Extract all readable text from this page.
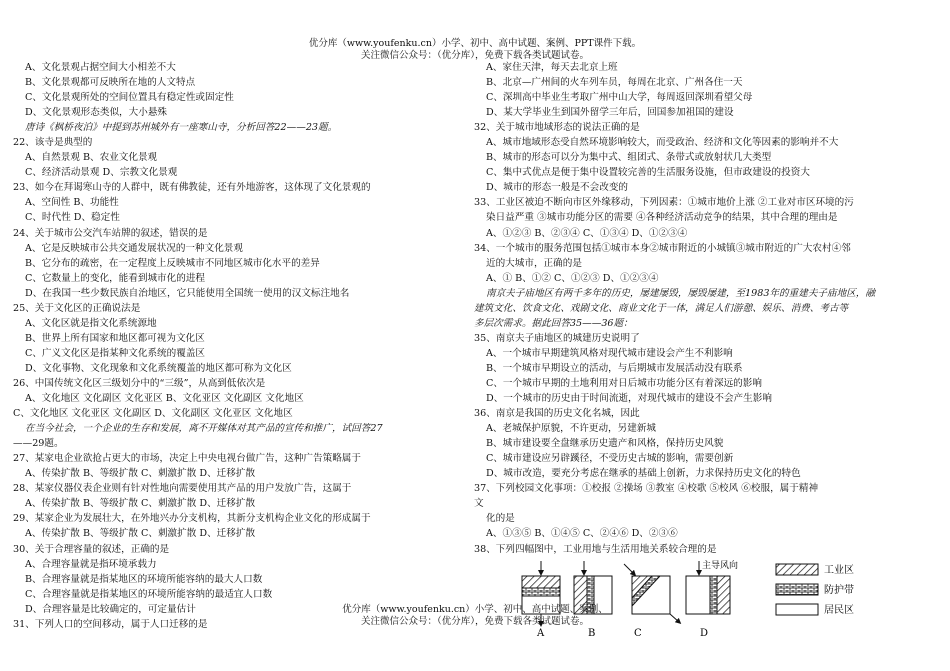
优分库（www.youfenku.cn）小学、初中、高中试题、案例、PPT课件下载。
关注微信公众号：（优分库），免费下载各类试题试卷。
A、文化景观占据空间大小相差不大
B、文化景观都可反映所在地的人文特点
C、文化景观所处的空间位置具有稳定性或固定性
D、文化景观形态类似，大小悬殊
唐诗《枫桥夜泊》中提到苏州城外有一座寒山寺，分析回答22——23题。
22、该寺是典型的
A、自然景观 B、农业文化景观
C、经济活动景观 D、宗教文化景观
23、如今在拜谒寒山寺的人群中，既有佛教徒，还有外地游客，这体现了文化景观的
A、空间性 B、功能性
C、时代性 D、稳定性
24、关于城市公交汽车站牌的叙述，错误的是
A、它是反映城市公共交通发展状况的一种文化景观
B、它分布的疏密，在一定程度上反映城市不同地区城市化水平的差异
C、它数量上的变化，能看到城市化的进程
D、在我国一些少数民族自治地区，它只能使用全国统一使用的汉文标注地名
25、关于文化区的正确说法是
A、文化区就是指文化系统源地
B、世界上所有国家和地区都可视为文化区
C、广义文化区是指某种文化系统的覆盖区
D、文化事物、文化现象和文化系统覆盖的地区都可称为文化区
26、中国传统文化区三级划分中的“三级”，从高到低依次是
A、文化地区 文化副区 文化亚区 B、文化亚区 文化副区 文化地区
C、文化地区 文化亚区 文化副区 D、文化副区 文化亚区 文化地区
在当今社会，一个企业的生存和发展，离不开媒体对其产品的宣传和推广，试回答27
——29题。
27、某家电企业欲抢占更大的市场，决定上中央电视台做广告，这种广告策略属于
A、传染扩散 B、等级扩散 C、刺激扩散 D、迁移扩散
28、某家仪器仪表企业则有针对性地向需要使用其产品的用户发放广告，这属于
A、传染扩散 B、等级扩散 C、刺激扩散 D、迁移扩散
29、某家企业为发展壮大，在外地兴办分支机构，其新分支机构企业文化的形成属于
A、传染扩散 B、等级扩散 C、刺激扩散 D、迁移扩散
30、关于合理容量的叙述，正确的是
A、合理容量就是指环境承载力
B、合理容量就是指某地区的环境所能容纳的最大人口数
C、合理容量就是指某地区的环境所能容纳的最适宜人口数
D、合理容量是比较确定的，可定量估计
31、下列人口的空间移动，属于人口迁移的是
A、家住天津，每天去北京上班
B、北京—广州间的火车列车员，每周在北京、广州各住一天
C、深圳高中毕业生考取广州中山大学，每周返回深圳看望父母
D、某大学毕业生到国外留学三年后，回国参加祖国的建设
32、关于城市地域形态的说法正确的是
A、城市地域形态受自然环境影响较大，而受政治、经济和文化等因素的影响并不大
B、城市的形态可以分为集中式、组团式、条带式或放射状几大类型
C、集中式优点是便于集中设置较完善的生活服务设施，但市政建设的投资大
D、城市的形态一般是不会改变的
33、工业区被迫不断向市区外缘移动，下列因素：①城市地价上涨 ②工业对市区环境的污
染日益严重 ③城市功能分区的需要 ④各种经济活动竞争的结果，其中合理的理由是
A、①②③ B、②③④ C、①③④ D、①②③④
34、一个城市的服务范围包括①城市本身②城市附近的小城镇③城市附近的广大农村④邻
近的大城市，正确的是
A、① B、①② C、①②③ D、①②③④
南京夫子庙地区有两千多年的历史，屡建屡毁，屡毁屡建，至1983年的重建夫子庙地区，融
建筑文化、饮食文化、戏剧文化、商业文化于一体，满足人们游憩、娱乐、消费、考古等
多层次需求。据此回答35——36题：
35、南京夫子庙地区的城建历史说明了
A、一个城市早期建筑风格对现代城市建设会产生不利影响
B、一个城市早期设立的活动，与后期城市发展活动没有联系
C、一个城市早期的土地利用对日后城市功能分区有着深远的影响
D、一个城市的历史由于时间流逝，对现代城市的建设不会产生影响
36、南京是我国的历史文化名城，因此
A、老城保护原貌，不许更动，另建新城
B、城市建设要全盘继承历史遗产和风格，保持历史风貌
C、城市建设应另辟蹊径，不受历史古城的影响，需要创新
D、城市改造，要充分考虑在继承的基础上创新，力求保持历史文化的特色
37、下列校园文化事项：①校报 ②操场 ③教室 ④校歌 ⑤校风 ⑥校服，属于精神
文
化的是
A、①③⑤ B、①④⑤ C、②④⑥ D、②③⑥
38、下列四幅图中，工业用地与生活用地关系较合理的是
主导风向
A	B	C	D
工业区
防护带
居民区
优分库（www.youfenku.cn）小学、初中、高中试题、案例、
关注微信公众号：（优分库），免费下载各类试题试卷。
